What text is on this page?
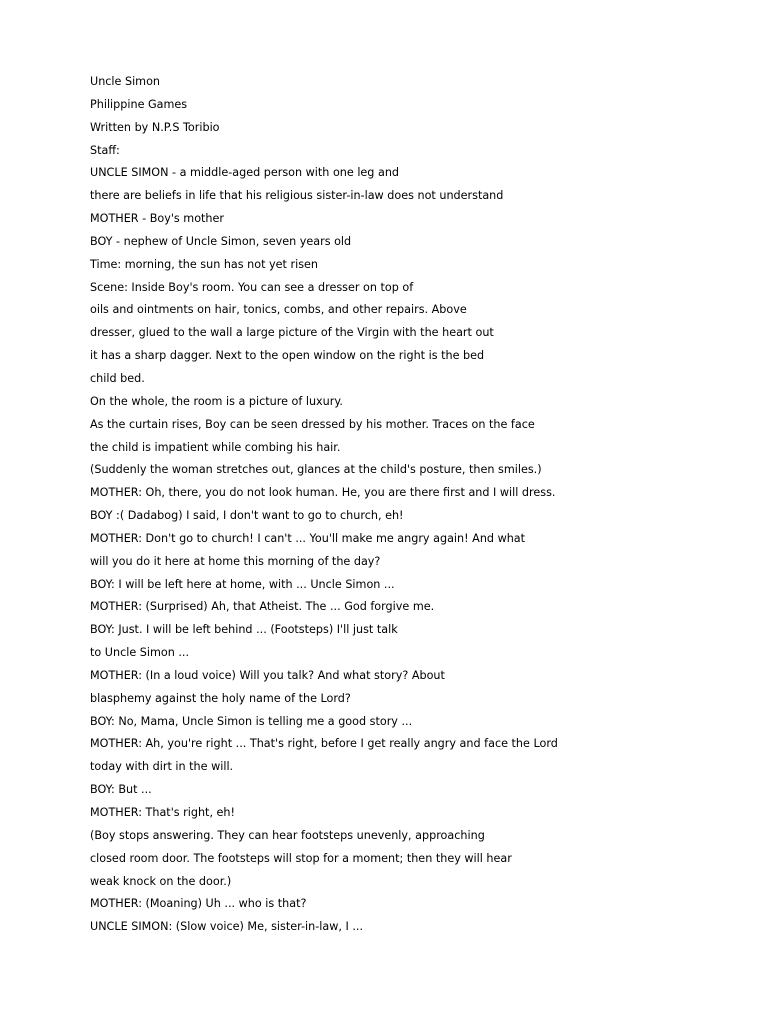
Uncle Simon
Philippine Games
Written by N.P.S Toribio
Staff:
UNCLE SIMON - a middle-aged person with one leg and
there are beliefs in life that his religious sister-in-law does not understand
MOTHER - Boy's mother
BOY - nephew of Uncle Simon, seven years old
Time: morning, the sun has not yet risen
Scene: Inside Boy's room. You can see a dresser on top of
oils and ointments on hair, tonics, combs, and other repairs. Above
dresser, glued to the wall a large picture of the Virgin with the heart out
it has a sharp dagger. Next to the open window on the right is the bed
child bed.
On the whole, the room is a picture of luxury.
As the curtain rises, Boy can be seen dressed by his mother. Traces on the face
the child is impatient while combing his hair.
(Suddenly the woman stretches out, glances at the child's posture, then smiles.)
MOTHER: Oh, there, you do not look human. He, you are there first and I will dress.
BOY :( Dadabog) I said, I don't want to go to church, eh!
MOTHER: Don't go to church! I can't ... You'll make me angry again! And what
will you do it here at home this morning of the day?
BOY: I will be left here at home, with ... Uncle Simon ...
MOTHER: (Surprised) Ah, that Atheist. The ... God forgive me.
BOY: Just. I will be left behind ... (Footsteps) I'll just talk
to Uncle Simon ...
MOTHER: (In a loud voice) Will you talk? And what story? About
blasphemy against the holy name of the Lord?
BOY: No, Mama, Uncle Simon is telling me a good story ...
MOTHER: Ah, you're right ... That's right, before I get really angry and face the Lord
today with dirt in the will.
BOY: But ...
MOTHER: That's right, eh!
(Boy stops answering. They can hear footsteps unevenly, approaching
closed room door. The footsteps will stop for a moment; then they will hear
weak knock on the door.)
MOTHER: (Moaning) Uh ... who is that?
UNCLE SIMON: (Slow voice) Me, sister-in-law, I ...
